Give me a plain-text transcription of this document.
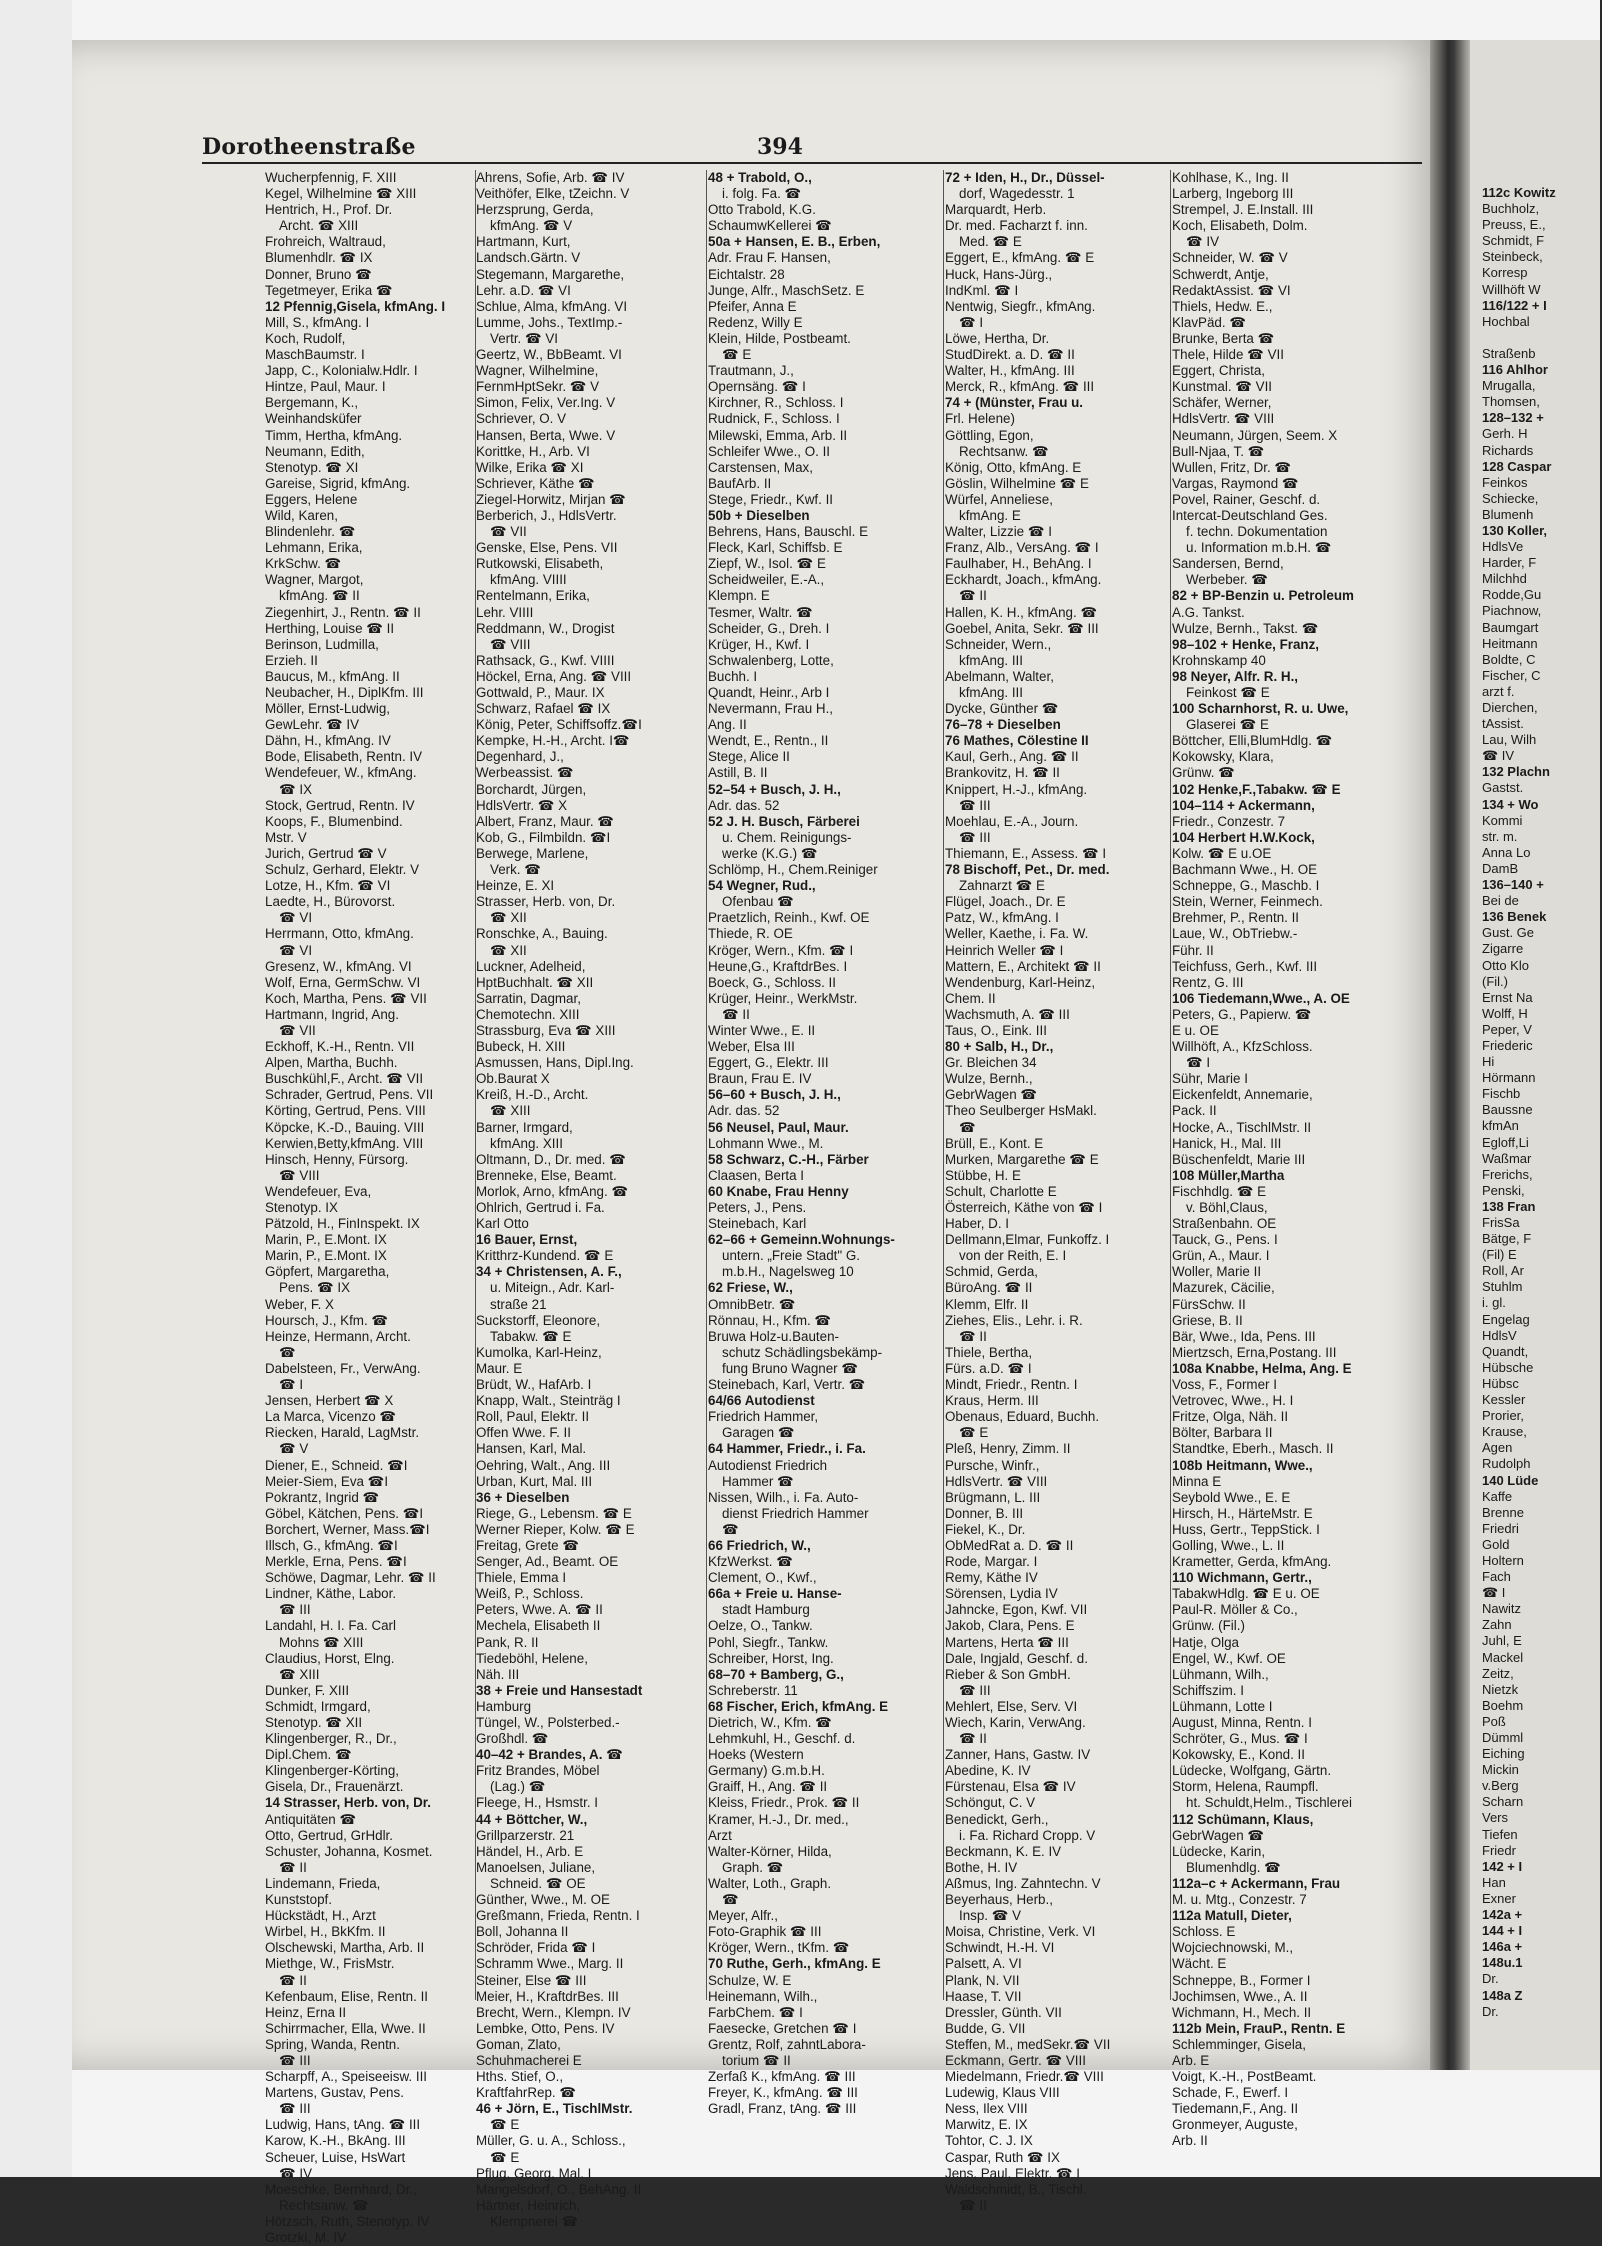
112c Kowitz
Buchholz,
Preuss, E.,
Schmidt, F
Steinbeck,
Korresp
Willhöft W
116/122 + I
Hochbal

Straßenb
116 Ahlhor
Mrugalla,
Thomsen,
128–132 +
Gerh. H
Richards
128 Caspar
Feinkos
Schiecke,
Blumenh
130 Koller,
HdlsVe
Harder, F
Milchhd
Rodde,Gu
Piachnow,
Baumgart
Heitmann
Boldte, C
Fischer, C
arzt f.
Dierchen,
tAssist.
Lau, Wilh
☎ IV
132 Plachn
Gastst.
134 + Wo
Kommi
str. m.
Anna Lo
DamB
136–140 +
Bei de
136 Benek
Gust. Ge
Zigarre
Otto Klo
(Fil.)
Ernst Na
Wolff, H
Peper, V
Friederic
Hi
Hörmann
Fischb
Baussne
kfmAn
Egloff,Li
Waßmar
Frerichs,
Penski,
138 Fran
FrisSa
Bätge, F
(Fil) E
Roll, Ar
Stuhlm
i. gl.
Engelag
HdlsV
Quandt,
Hübsche
Hübsc
Kessler
Prorier,
Krause,
Agen
Rudolph
140 Lüde
Kaffe
Brenne
Friedri
Gold
Holtern
Fach
☎ I
Nawitz
Zahn
Juhl, E
Mackel
Zeitz,
Nietzk
Boehm
Poß
Dümml
Eiching
Mickin
v.Berg
Scharn
Vers
Tiefen
Friedr
142 + I
Han
Exner
142a +
144 + I
146a +
148u.1
Dr.
148a Z
Dr.
Dorotheenstraße	394
Wucherpfennig, F. XIII
Kegel, Wilhelmine ☎ XIII
Hentrich, H., Prof. Dr.
Archt. ☎ XIII
Frohreich, Waltraud,
Blumenhdlr. ☎ IX
Donner, Bruno ☎
Tegetmeyer, Erika ☎
12 Pfennig,Gisela, kfmAng. I
Mill, S., kfmAng. I
Koch, Rudolf,
MaschBaumstr. I
Japp, C., Kolonialw.Hdlr. I
Hintze, Paul, Maur. I
Bergemann, K.,
Weinhandsküfer
Timm, Hertha, kfmAng.
Neumann, Edith,
Stenotyp. ☎ XI
Gareise, Sigrid, kfmAng.
Eggers, Helene
Wild, Karen,
Blindenlehr. ☎
Lehmann, Erika,
KrkSchw. ☎
Wagner, Margot,
kfmAng. ☎ II
Ziegenhirt, J., Rentn. ☎ II
Herthing, Louise ☎ II
Berinson, Ludmilla,
Erzieh. II
Baucus, M., kfmAng. II
Neubacher, H., DiplKfm. III
Möller, Ernst-Ludwig,
GewLehr. ☎ IV
Dähn, H., kfmAng. IV
Bode, Elisabeth, Rentn. IV
Wendefeuer, W., kfmAng.
☎ IX
Stock, Gertrud, Rentn. IV
Koops, F., Blumenbind.
Mstr. V
Jurich, Gertrud ☎ V
Schulz, Gerhard, Elektr. V
Lotze, H., Kfm. ☎ VI
Laedte, H., Bürovorst.
☎ VI
Herrmann, Otto, kfmAng.
☎ VI
Gresenz, W., kfmAng. VI
Wolf, Erna, GermSchw. VI
Koch, Martha, Pens. ☎ VII
Hartmann, Ingrid, Ang.
☎ VII
Eckhoff, K.-H., Rentn. VII
Alpen, Martha, Buchh.
Buschkühl,F., Archt. ☎ VII
Schrader, Gertrud, Pens. VII
Körting, Gertrud, Pens. VIII
Köpcke, K.-D., Bauing. VIII
Kerwien,Betty,kfmAng. VIII
Hinsch, Henny, Fürsorg.
☎ VIII
Wendefeuer, Eva,
Stenotyp. IX
Pätzold, H., FinInspekt. IX
Marin, P., E.Mont. IX
Marin, P., E.Mont. IX
Göpfert, Margaretha,
Pens. ☎ IX
Weber, F. X
Hoursch, J., Kfm. ☎
Heinze, Hermann, Archt.
☎
Dabelsteen, Fr., VerwAng.
☎ I
Jensen, Herbert ☎ X
La Marca, Vicenzo ☎
Riecken, Harald, LagMstr.
☎ V
Diener, E., Schneid. ☎I
Meier-Siem, Eva ☎I
Pokrantz, Ingrid ☎
Göbel, Kätchen, Pens. ☎I
Borchert, Werner, Mass.☎I
Illsch, G., kfmAng. ☎I
Merkle, Erna, Pens. ☎I
Schöwe, Dagmar, Lehr. ☎ II
Lindner, Käthe, Labor.
☎ III
Landahl, H. I. Fa. Carl
Mohns ☎ XIII
Claudius, Horst, Elng.
☎ XIII
Dunker, F. XIII
Schmidt, Irmgard,
Stenotyp. ☎ XII
Klingenberger, R., Dr.,
Dipl.Chem. ☎
Klingenberger-Körting,
Gisela, Dr., Frauenärzt.
14 Strasser, Herb. von, Dr.
Antiquitäten ☎
Otto, Gertrud, GrHdlr.
Schuster, Johanna, Kosmet.
☎ II
Lindemann, Frieda,
Kunststopf.
Hückstädt, H., Arzt
Wirbel, H., BkKfm. II
Olschewski, Martha, Arb. II
Miethge, W., FrisMstr.
☎ II
Kefenbaum, Elise, Rentn. II
Heinz, Erna II
Schirrmacher, Ella, Wwe. II
Spring, Wanda, Rentn.
☎ III
Scharpff, A., Speiseeisw. III
Martens, Gustav, Pens.
☎ III
Ludwig, Hans, tAng. ☎ III
Karow, K.-H., BkAng. III
Scheuer, Luise, HsWart
☎ IV
Moeschke, Bernhard, Dr.,
Rechtsanw. ☎
Hötzsch, Ruth, Stenotyp. IV
Grotzki, M. IV
Ahrens, Sofie, Arb. ☎ IV
Veithöfer, Elke, tZeichn. V
Herzsprung, Gerda,
kfmAng. ☎ V
Hartmann, Kurt,
Landsch.Gärtn. V
Stegemann, Margarethe,
Lehr. a.D. ☎ VI
Schlue, Alma, kfmAng. VI
Lumme, Johs., TextImp.-
Vertr. ☎ VI
Geertz, W., BbBeamt. VI
Wagner, Wilhelmine,
FernmHptSekr. ☎ V
Simon, Felix, Ver.Ing. V
Schriever, O. V
Hansen, Berta, Wwe. V
Korittke, H., Arb. VI
Wilke, Erika ☎ XI
Schriever, Käthe ☎
Ziegel-Horwitz, Mirjan ☎
Berberich, J., HdlsVertr.
☎ VII
Genske, Else, Pens. VII
Rutkowski, Elisabeth,
kfmAng. VIIII
Rentelmann, Erika,
Lehr. VIIII
Reddmann, W., Drogist
☎ VIII
Rathsack, G., Kwf. VIIII
Höckel, Erna, Ang. ☎ VIII
Gottwald, P., Maur. IX
Schwarz, Rafael ☎ IX
König, Peter, Schiffsoffz.☎I
Kempke, H.-H., Archt. I☎
Degenhard, J.,
Werbeassist. ☎
Borchardt, Jürgen,
HdlsVertr. ☎ X
Albert, Franz, Maur. ☎
Kob, G., Filmbildn. ☎I
Berwege, Marlene,
Verk. ☎
Heinze, E. XI
Strasser, Herb. von, Dr.
☎ XII
Ronschke, A., Bauing.
☎ XII
Luckner, Adelheid,
HptBuchhalt. ☎ XII
Sarratin, Dagmar,
Chemotechn. XIII
Strassburg, Eva ☎ XIII
Bubeck, H. XIII
Asmussen, Hans, Dipl.Ing.
Ob.Baurat X
Kreiß, H.-D., Archt.
☎ XIII
Barner, Irmgard,
kfmAng. XIII
Oltmann, D., Dr. med. ☎
Brenneke, Else, Beamt.
Morlok, Arno, kfmAng. ☎
Ohlrich, Gertrud i. Fa.
Karl Otto
16 Bauer, Ernst,
Kritthrz-Kundend. ☎ E
34 + Christensen, A. F.,
u. Miteign., Adr. Karl-
straße 21
Suckstorff, Eleonore,
Tabakw. ☎ E
Kumolka, Karl-Heinz,
Maur. E
Brüdt, W., HafArb. I
Knapp, Walt., Steinträg I
Roll, Paul, Elektr. II
Offen Wwe. F. II
Hansen, Karl, Mal.
Oehring, Walt., Ang. III
Urban, Kurt, Mal. III
36 + Dieselben
Riege, G., Lebensm. ☎ E
Werner Rieper, Kolw. ☎ E
Freitag, Grete ☎
Senger, Ad., Beamt. OE
Thiele, Emma I
Weiß, P., Schloss.
Peters, Wwe. A. ☎ II
Mechela, Elisabeth II
Pank, R. II
Tiedeböhl, Helene,
Näh. III
38 + Freie und Hansestadt
Hamburg
Tüngel, W., Polsterbed.-
Großhdl. ☎
40–42 + Brandes, A. ☎
Fritz Brandes, Möbel
(Lag.) ☎
Fleege, H., Hsmstr. I
44 + Böttcher, W.,
Grillparzerstr. 21
Händel, H., Arb. E
Manoelsen, Juliane,
Schneid. ☎ OE
Günther, Wwe., M. OE
Greßmann, Frieda, Rentn. I
Boll, Johanna II
Schröder, Frida ☎ I
Schramm Wwe., Marg. II
Steiner, Else ☎ III
Meier, H., KraftdrBes. III
Brecht, Wern., Klempn. IV
Lembke, Otto, Pens. IV
Goman, Zlato,
Schuhmacherei E
Hths. Stief, O.,
KraftfahrRep. ☎
46 + Jörn, E., TischlMstr.
☎ E
Müller, G. u. A., Schloss.,
☎ E
Pflug, Georg, Mal. I
Mangelsdorf, O., BehAng. II
Härtner, Heinrich,
Klempnerei ☎
48 + Trabold, O.,
i. folg. Fa. ☎
Otto Trabold, K.G.
SchaumwKellerei ☎
50a + Hansen, E. B., Erben,
Adr. Frau F. Hansen,
Eichtalstr. 28
Junge, Alfr., MaschSetz. E
Pfeifer, Anna E
Redenz, Willy E
Klein, Hilde, Postbeamt.
☎ E
Trautmann, J.,
Opernsäng. ☎ I
Kirchner, R., Schloss. I
Rudnick, F., Schloss. I
Milewski, Emma, Arb. II
Schleifer Wwe., O. II
Carstensen, Max,
BaufArb. II
Stege, Friedr., Kwf. II
50b + Dieselben
Behrens, Hans, Bauschl. E
Fleck, Karl, Schiffsb. E
Ziepf, W., Isol. ☎ E
Scheidweiler, E.-A.,
Klempn. E
Tesmer, Waltr. ☎
Scheider, G., Dreh. I
Krüger, H., Kwf. I
Schwalenberg, Lotte,
Buchh. I
Quandt, Heinr., Arb I
Nevermann, Frau H.,
Ang. II
Wendt, E., Rentn., II
Stege, Alice II
Astill, B. II
52–54 + Busch, J. H.,
Adr. das. 52
52 J. H. Busch, Färberei
u. Chem. Reinigungs-
werke (K.G.) ☎
Schlömp, H., Chem.Reiniger
54 Wegner, Rud.,
Ofenbau ☎
Praetzlich, Reinh., Kwf. OE
Thiede, R. OE
Kröger, Wern., Kfm. ☎ I
Heune,G., KraftdrBes. I
Boeck, G., Schloss. II
Krüger, Heinr., WerkMstr.
☎ II
Winter Wwe., E. II
Weber, Elsa III
Eggert, G., Elektr. III
Braun, Frau E. IV
56–60 + Busch, J. H.,
Adr. das. 52
56 Neusel, Paul, Maur.
Lohmann Wwe., M.
58 Schwarz, C.-H., Färber
Claasen, Berta I
60 Knabe, Frau Henny
Peters, J., Pens.
Steinebach, Karl
62–66 + Gemeinn.Wohnungs-
untern. „Freie Stadt" G.
m.b.H., Nagelsweg 10
62 Friese, W.,
OmnibBetr. ☎
Rönnau, H., Kfm. ☎
Bruwa Holz-u.Bauten-
schutz Schädlingsbekämp-
fung Bruno Wagner ☎
Steinebach, Karl, Vertr. ☎
64/66 Autodienst
Friedrich Hammer,
Garagen ☎
64 Hammer, Friedr., i. Fa.
Autodienst Friedrich
Hammer ☎
Nissen, Wilh., i. Fa. Auto-
dienst Friedrich Hammer
☎
66 Friedrich, W.,
KfzWerkst. ☎
Clement, O., Kwf.,
66a + Freie u. Hanse-
stadt Hamburg
Oelze, O., Tankw.
Pohl, Siegfr., Tankw.
Schreiber, Horst, Ing.
68–70 + Bamberg, G.,
Schreberstr. 11
68 Fischer, Erich, kfmAng. E
Dietrich, W., Kfm. ☎
Lehmkuhl, H., Geschf. d.
Hoeks (Western
Germany) G.m.b.H.
Graiff, H., Ang. ☎ II
Kleiss, Friedr., Prok. ☎ II
Kramer, H.-J., Dr. med.,
Arzt
Walter-Körner, Hilda,
Graph. ☎
Walter, Loth., Graph.
☎
Meyer, Alfr.,
Foto-Graphik ☎ III
Kröger, Wern., tKfm. ☎
70 Ruthe, Gerh., kfmAng. E
Schulze, W. E
Heinemann, Wilh.,
FarbChem. ☎ I
Faesecke, Gretchen ☎ I
Grentz, Rolf, zahntLabora-
torium ☎ II
Zerfaß K., kfmAng. ☎ III
Freyer, K., kfmAng. ☎ III
Gradl, Franz, tAng. ☎ III
72 + Iden, H., Dr., Düssel-
dorf, Wagedesstr. 1
Marquardt, Herb.
Dr. med. Facharzt f. inn.
Med. ☎ E
Eggert, E., kfmAng. ☎ E
Huck, Hans-Jürg.,
IndKml. ☎ I
Nentwig, Siegfr., kfmAng.
☎ I
Löwe, Hertha, Dr.
StudDirekt. a. D. ☎ II
Walter, H., kfmAng. III
Merck, R., kfmAng. ☎ III
74 + (Münster, Frau u.
Frl. Helene)
Göttling, Egon,
Rechtsanw. ☎
König, Otto, kfmAng. E
Göslin, Wilhelmine ☎ E
Würfel, Anneliese,
kfmAng. E
Walter, Lizzie ☎ I
Franz, Alb., VersAng. ☎ I
Faulhaber, H., BehAng. I
Eckhardt, Joach., kfmAng.
☎ II
Hallen, K. H., kfmAng. ☎
Goebel, Anita, Sekr. ☎ III
Schneider, Wern.,
kfmAng. III
Abelmann, Walter,
kfmAng. III
Dycke, Günther ☎
76–78 + Dieselben
76 Mathes, Cölestine II
Kaul, Gerh., Ang. ☎ II
Brankovitz, H. ☎ II
Knippert, H.-J., kfmAng.
☎ III
Moehlau, E.-A., Journ.
☎ III
Thiemann, E., Assess. ☎ I
78 Bischoff, Pet., Dr. med.
Zahnarzt ☎ E
Flügel, Joach., Dr. E
Patz, W., kfmAng. I
Weller, Kaethe, i. Fa. W.
Heinrich Weller ☎ I
Mattern, E., Architekt ☎ II
Wendenburg, Karl-Heinz,
Chem. II
Wachsmuth, A. ☎ III
Taus, O., Eink. III
80 + Salb, H., Dr.,
Gr. Bleichen 34
Wulze, Bernh.,
GebrWagen ☎
Theo Seulberger HsMakl.
☎
Brüll, E., Kont. E
Murken, Margarethe ☎ E
Stübbe, H. E
Schult, Charlotte E
Österreich, Käthe von ☎ I
Haber, D. I
Dellmann,Elmar, Funkoffz. I
von der Reith, E. I
Schmid, Gerda,
BüroAng. ☎ II
Klemm, Elfr. II
Ziehes, Elis., Lehr. i. R.
☎ II
Thiele, Bertha,
Fürs. a.D. ☎ I
Mindt, Friedr., Rentn. I
Kraus, Herm. III
Obenaus, Eduard, Buchh.
☎ E
Pleß, Henry, Zimm. II
Pursche, Winfr.,
HdlsVertr. ☎ VIII
Brügmann, L. III
Donner, B. III
Fiekel, K., Dr.
ObMedRat a. D. ☎ II
Rode, Margar. I
Remy, Käthe IV
Sörensen, Lydia IV
Jahncke, Egon, Kwf. VII
Jakob, Clara, Pens. E
Martens, Herta ☎ III
Dale, Ingjald, Geschf. d.
Rieber & Son GmbH.
☎ III
Mehlert, Else, Serv. VI
Wiech, Karin, VerwAng.
☎ II
Zanner, Hans, Gastw. IV
Abedine, K. IV
Fürstenau, Elsa ☎ IV
Schöngut, C. V
Benedickt, Gerh.,
i. Fa. Richard Cropp. V
Beckmann, K. E. IV
Bothe, H. IV
Aßmus, Ing. Zahntechn. V
Beyerhaus, Herb.,
Insp. ☎ V
Moisa, Christine, Verk. VI
Schwindt, H.-H. VI
Palsett, A. VI
Plank, N. VII
Haase, T. VII
Dressler, Günth. VII
Budde, G. VII
Steffen, M., medSekr.☎ VII
Eckmann, Gertr. ☎ VIII
Miedelmann, Friedr.☎ VIII
Ludewig, Klaus VIII
Ness, Ilex VIII
Marwitz, E. IX
Tohtor, C. J. IX
Caspar, Ruth ☎ IX
Jens, Paul, Elektr. ☎ I
Waldschmidt, B., Tischl.
☎ II
Kohlhase, K., Ing. II
Larberg, Ingeborg III
Strempel, J. E.Install. III
Koch, Elisabeth, Dolm.
☎ IV
Schneider, W. ☎ V
Schwerdt, Antje,
RedaktAssist. ☎ VI
Thiels, Hedw. E.,
KlavPäd. ☎
Brunke, Berta ☎
Thele, Hilde ☎ VII
Eggert, Christa,
Kunstmal. ☎ VII
Schäfer, Werner,
HdlsVertr. ☎ VIII
Neumann, Jürgen, Seem. X
Bull-Njaa, T. ☎
Wullen, Fritz, Dr. ☎
Vargas, Raymond ☎
Povel, Rainer, Geschf. d.
Intercat-Deutschland Ges.
f. techn. Dokumentation
u. Information m.b.H. ☎
Sandersen, Bernd,
Werbeber. ☎
82 + BP-Benzin u. Petroleum
A.G. Tankst.
Wulze, Bernh., Takst. ☎
98–102 + Henke, Franz,
Krohnskamp 40
98 Neyer, Alfr. R. H.,
Feinkost ☎ E
100 Scharnhorst, R. u. Uwe,
Glaserei ☎ E
Böttcher, Elli,BlumHdlg. ☎
Kokowsky, Klara,
Grünw. ☎
102 Henke,F.,Tabakw. ☎ E
104–114 + Ackermann,
Friedr., Conzestr. 7
104 Herbert H.W.Kock,
Kolw. ☎ E u.OE
Bachmann Wwe., H. OE
Schneppe, G., Maschb. I
Stein, Werner, Feinmech.
Brehmer, P., Rentn. II
Laue, W., ObTriebw.-
Führ. II
Teichfuss, Gerh., Kwf. III
Rentz, G. III
106 Tiedemann,Wwe., A. OE
Peters, G., Papierw. ☎
E u. OE
Willhöft, A., KfzSchloss.
☎ I
Sühr, Marie I
Eickenfeldt, Annemarie,
Pack. II
Hocke, A., TischlMstr. II
Hanick, H., Mal. III
Büschenfeldt, Marie III
108 Müller,Martha
Fischhdlg. ☎ E
v. Böhl,Claus,
Straßenbahn. OE
Tauck, G., Pens. I
Grün, A., Maur. I
Woller, Marie II
Mazurek, Cäcilie,
FürsSchw. II
Griese, B. II
Bär, Wwe., Ida, Pens. III
Miertzsch, Erna,Postang. III
108a Knabbe, Helma, Ang. E
Voss, F., Former I
Vetrovec, Wwe., H. I
Fritze, Olga, Näh. II
Bölter, Barbara II
Standtke, Eberh., Masch. II
108b Heitmann, Wwe.,
Minna E
Seybold Wwe., E. E
Hirsch, H., HärteMstr. E
Huss, Gertr., TeppStick. I
Golling, Wwe., L. II
Krametter, Gerda, kfmAng.
110 Wichmann, Gertr.,
TabakwHdlg. ☎ E u. OE
Paul-R. Möller & Co.,
Grünw. (Fil.)
Hatje, Olga
Engel, W., Kwf. OE
Lühmann, Wilh.,
Schiffszim. I
Lühmann, Lotte I
August, Minna, Rentn. I
Schröter, G., Mus. ☎ I
Kokowsky, E., Kond. II
Lüdecke, Wolfgang, Gärtn.
Storm, Helena, Raumpfl.
ht. Schuldt,Helm., Tischlerei
112 Schümann, Klaus,
GebrWagen ☎
Lüdecke, Karin,
Blumenhdlg. ☎
112a–c + Ackermann, Frau
M. u. Mtg., Conzestr. 7
112a Matull, Dieter,
Schloss. E
Wojciechnowski, M.,
Wächt. E
Schneppe, B., Former I
Jochimsen, Wwe., A. II
Wichmann, H., Mech. II
112b Mein, FrauP., Rentn. E
Schlemminger, Gisela,
Arb. E
Voigt, K.-H., PostBeamt.
Schade, F., Ewerf. I
Tiedemann,F., Ang. II
Gronmeyer, Auguste,
Arb. II
